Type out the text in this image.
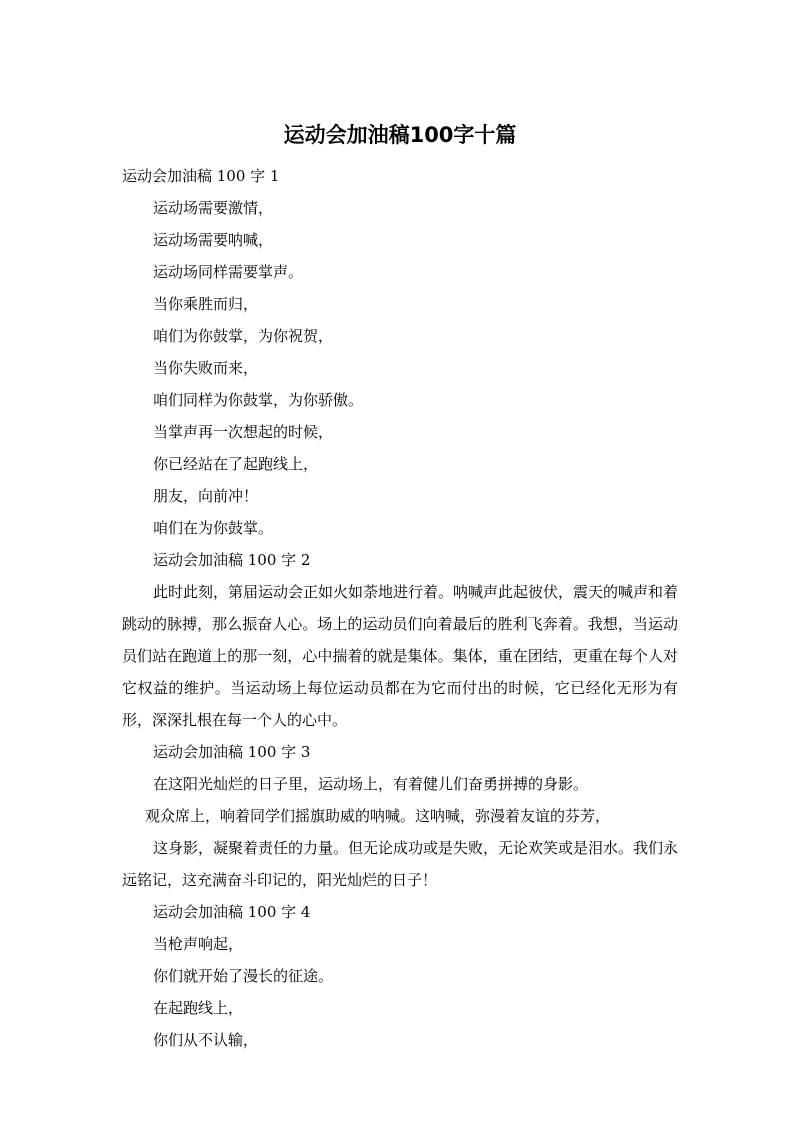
运动会加油稿100字十篇
运动会加油稿 100 字 1
运动场需要激情，
运动场需要呐喊，
运动场同样需要掌声。
当你乘胜而归，
咱们为你鼓掌，为你祝贺，
当你失败而来，
咱们同样为你鼓掌，为你骄傲。
当掌声再一次想起的时候，
你已经站在了起跑线上，
朋友，向前冲！
咱们在为你鼓掌。
运动会加油稿 100 字 2

此时此刻，第届运动会正如火如荼地进行着。呐喊声此起彼伏，震天的喊声和着跳动的脉搏，那么振奋人心。场上的运动员们向着最后的胜利飞奔着。我想，当运动员们站在跑道上的那一刻，心中揣着的就是集体。集体，重在团结，更重在每个人对它权益的维护。当运动场上每位运动员都在为它而付出的时候，它已经化无形为有形，深深扎根在每一个人的心中。

运动会加油稿 100 字 3
在这阳光灿烂的日子里，运动场上，有着健儿们奋勇拼搏的身影。
观众席上，响着同学们摇旗助威的呐喊。这呐喊，弥漫着友谊的芬芳，

这身影，凝聚着责任的力量。但无论成功或是失败，无论欢笑或是泪水。我们永远铭记，这充满奋斗印记的，阳光灿烂的日子！

运动会加油稿 100 字 4
当枪声响起，
你们就开始了漫长的征途。
在起跑线上，
你们从不认输，
